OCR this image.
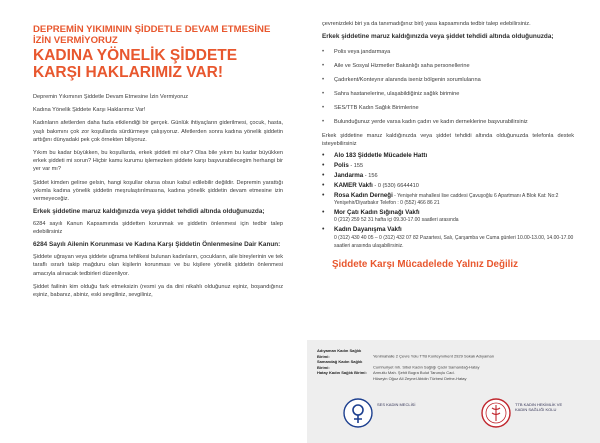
DEPREMİN YIKIMININ ŞİDDETLE DEVAM ETMESİNE İZİN VERMİYORUZ
KADINA YÖNELİK ŞİDDETE KARŞI HAKLARIMIZ VAR!

Depremin Yıkımının Şiddetle Devam Etmesine İzin Vermiyoruz

Kadına Yönelik Şiddete Karşı Haklarımız Var!

Kadınların afetlerden daha fazla etkilendiği bir gerçek. Günlük ihtiyaçların giderilmesi, çocuk, hasta, yaşlı bakımını çok zor koşullarda sürdürmeye çalışıyoruz. Afetlerden sonra kadına yönelik şiddetin arttığını dünyadaki pek çok örnekten biliyoruz.

Yıkım bu kadar büyükken, bu koşullarda, erkek şiddeti mi olur? Olsa bile yıkım bu kadar büyükken erkek şiddeti mi sorun? Hiçbir kamu kurumu işlemezken şiddete karşı başvurabilecegim herhangi bir yer var mı?

Şiddet kimden gelirse gelsin, hangi koşullar olursa olsun kabul edilebilir değildir. Depremin yarattığı yıkımla kadına yönelik şiddetin meşrulaştırılmasına, kadına yönelik şiddetin devam etmesine izin vermeyeceğiz.

Erkek şiddetine maruz kaldığınızda veya şiddet tehdidi altında olduğunuzda;

6284 sayılı Kanun Kapsamında şiddetten korunmak ve şiddetin önlenmesi için tedbir talep edebilirsiniz

6284 Sayılı Ailenin Korunması ve Kadına Karşı Şiddetin Önlenmesine Dair Kanun:

Şiddete uğrayan veya şiddete uğrama tehlikesi bulunan kadınların, çocukların, aile bireylerinin ve tek taraflı ısrarlı takip mağduru olan kişilerin korunması ve bu kişilere yönelik şiddetin önlenmesi amacıyla alınacak tedbirleri düzenliyor.

Şiddet failinin kim olduğu fark etmeksizin (resmi ya da dini nikahlı olduğunuz eşiniz, boşandığınız eşiniz, babanız, abiniz, eski sevgiliniz, sevgiliniz,

çevrenizdeki biri ya da tanımadığınız biri) yasa kapsamında tedbir talep edebilirsiniz.

Erkek şiddetine maruz kaldığınızda veya şiddet tehdidi altında olduğunuzda;

• Polis veya jandarmaya
• Aile ve Sosyal Hizmetler Bakanlığı saha personellerine
• Çadırkent/Konteynır alanında iseniz bölgenin sorumlularına
• Sahra hastanelerine, ulaşabildiğiniz sağlık birimine
• SES/TTB Kadın Sağlık Birimlerine
• Bulunduğunuz yerde varsa kadın çadırı ve kadın derneklerine başvurabilirsiniz

Erkek şiddetine maruz kaldığınızda veya şiddet tehdidi altında olduğunuzda telefonla destek isteyebilirsiniz

• Alo 183 Şiddetle Mücadele Hattı
• Polis - 155
• Jandarma - 156
• KAMER Vakfı - 0 (530) 6644410
• Rosa Kadın Derneği - Yenişehir mahallesi lise caddesi Çavuşoğlu 6 Apartmanı A Blok Kat: No:2 Yenişehir/Diyarbakır Telefon : 0 (552) 466 86 21
• Mor Çatı Kadın Sığınağı Vakfı
0 (212) 259 52 31 hafta içi 09.30-17.00 saatleri arasında
• Kadın Dayanışma Vakfı
0 (312) 430 40 05 – 0 (312) 432 07 82 Pazartesi, Salı, Çarşamba ve Cuma günleri 10.00-13.00, 14.00-17.00 saatleri arasında ulaşabilirsiniz.
Şiddete Karşı Mücadelede Yalnız Değiliz
Adıyaman Kadın Sağlık Birimi:	Yenimahalle 2 Çevre Yolu TTB Konteynırkent 2929 Sokak Adıyaman
Samandağ Kadın Sağlık Birimi:	Cumhuriyet mh. Sibel Kadın Sağlığı Çadır Samandağ-Hatay
Hatay Kadın Sağlık Birimi: Armutlu Mah. Şehit Bugra Bulut Tarunçlu Cad.
Hüseyin Oğuz Ali Zeynel Abidin Türbesi Defne-Hatay
SES KADIN MECLİSİ	TTB KADIN HEKİMLİK VE KADIN SAĞLIĞI KOLU
